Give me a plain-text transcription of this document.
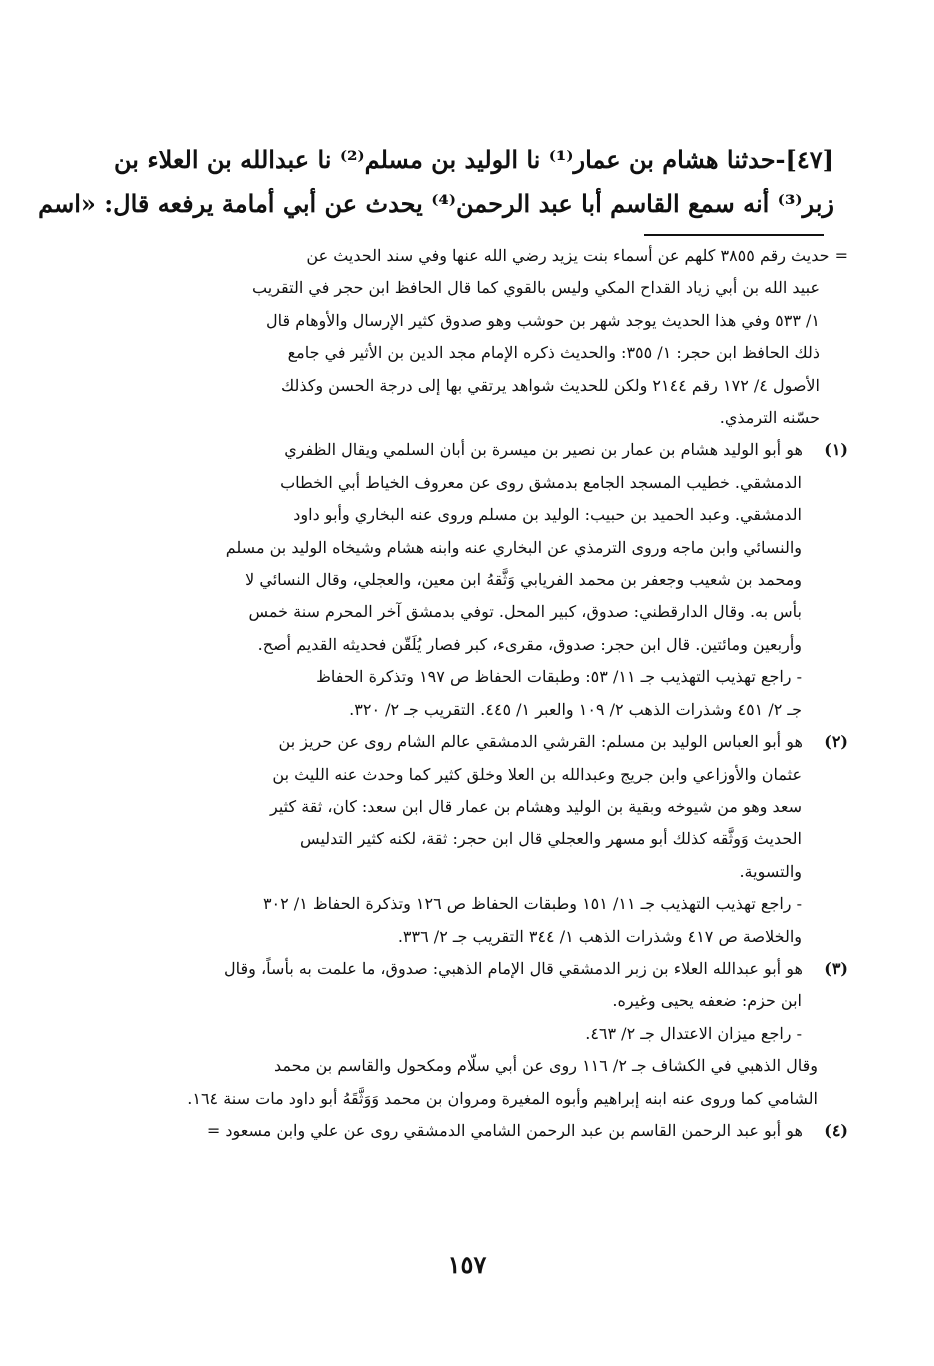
[٤٧]-حدثنا هشام بن عمار⁽¹⁾ نا الوليد بن مسلم⁽²⁾ نا عبدالله بن العلاء بن
زبر⁽³⁾ أنه سمع القاسم أبا عبد الرحمن⁽⁴⁾ يحدث عن أبي أمامة يرفعه قال: «اسم
= حديث رقم ٣٨٥٥ كلهم عن أسماء بنت يزيد رضي الله عنها وفي سند الحديث عن
عبيد الله بن أبي زياد القداح المكي وليس بالقوي كما قال الحافظ ابن حجر في التقريب
١/ ٥٣٣ وفي هذا الحديث يوجد شهر بن حوشب وهو صدوق كثير الإرسال والأوهام قال
ذلك الحافظ ابن حجر: ١/ ٣٥٥: والحديث ذكره الإمام مجد الدين بن الأثير في جامع
الأصول ٤/ ١٧٢ رقم ٢١٤٤ ولكن للحديث شواهد يرتقي بها إلى درجة الحسن وكذلك
حسّنه الترمذي.
(١) هو أبو الوليد هشام بن عمار بن نصير بن ميسرة بن أبان السلمي ويقال الظفري
الدمشقي. خطيب المسجد الجامع بدمشق روى عن معروف الخياط أبي الخطاب
الدمشقي. وعبد الحميد بن حبيب: الوليد بن مسلم وروى عنه البخاري وأبو داود
والنسائي وابن ماجه وروى الترمذي عن البخاري عنه وابنه هشام وشيخاه الوليد بن مسلم
ومحمد بن شعيب وجعفر بن محمد الفريابي وَثَّقهُ ابن معين، والعجلي، وقال النسائي لا
بأس به. وقال الدارقطني: صدوق، كبير المحل. توفي بدمشق آخر المحرم سنة خمس
وأربعين ومائتين. قال ابن حجر: صدوق، مقرىء، كبر فصار يُلَقّن فحديثه القديم أصح.
- راجع تهذيب التهذيب جـ ١١/ ٥٣: وطبقات الحفاظ ص ١٩٧ وتذكرة الحفاظ
جـ ٢/ ٤٥١ وشذرات الذهب ٢/ ١٠٩ والعبر ١/ ٤٤٥. التقريب جـ ٢/ ٣٢٠.
(٢) هو أبو العباس الوليد بن مسلم: القرشي الدمشقي عالم الشام روى عن حريز بن
عثمان والأوزاعي وابن جريج وعبدالله بن العلا وخلق كثير كما وحدث عنه الليث بن
سعد وهو من شيوخه وبقية بن الوليد وهشام بن عمار قال ابن سعد: كان، ثقة كثير
الحديث وَوثَّقه كذلك أبو مسهر والعجلي قال ابن حجر: ثقة، لكنه كثير التدليس
والتسوية.
- راجع تهذيب التهذيب جـ ١١/ ١٥١ وطبقات الحفاظ ص ١٢٦ وتذكرة الحفاظ ١/ ٣٠٢
والخلاصة ص ٤١٧ وشذرات الذهب ١/ ٣٤٤ التقريب جـ ٢/ ٣٣٦.
(٣) هو أبو عبدالله العلاء بن زبر الدمشقي قال الإمام الذهبي: صدوق، ما علمت به بأساً، وقال
ابن حزم: ضعفه يحيى وغيره.
- راجع ميزان الاعتدال جـ ٢/ ٤٦٣.
وقال الذهبي في الكشاف جـ ٢/ ١١٦ روى عن أبي سلّام ومكحول والقاسم بن محمد
الشامي كما وروى عنه ابنه إبراهيم وأبوه المغيرة ومروان بن محمد وَوَثَّقَهُ أبو داود مات سنة ١٦٤.
(٤) هو أبو عبد الرحمن القاسم بن عبد الرحمن الشامي الدمشقي روى عن علي وابن مسعود =
١٥٧
